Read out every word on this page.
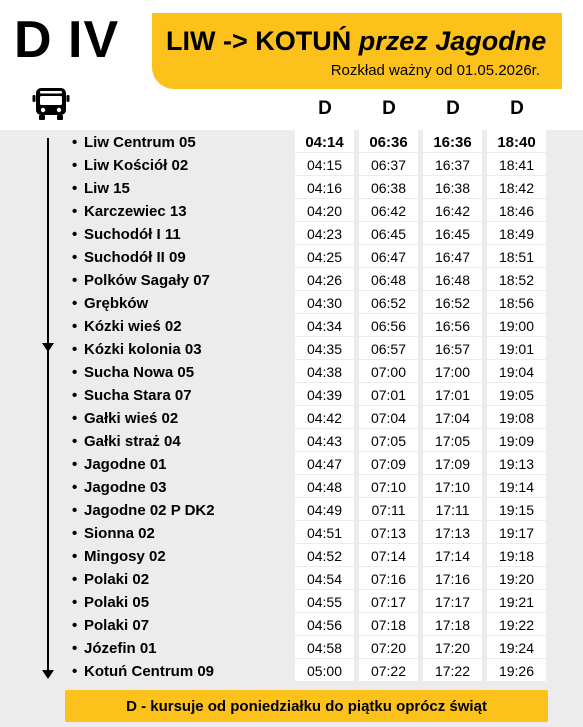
D IV LIW -> KOTUŃ przez Jagodne
Rozkład ważny od 01.05.2026r.
D	D	D	D
• Liw Centrum 05	04:14	06:36	16:36	18:40
• Liw Kościół 02	04:15	06:37	16:37	18:41
• Liw 15	04:16	06:38	16:38	18:42
• Karczewiec 13	04:20	06:42	16:42	18:46
• Suchodół I 11	04:23	06:45	16:45	18:49
• Suchodół II 09	04:25	06:47	16:47	18:51
• Polków Sagały 07	04:26	06:48	16:48	18:52
• Grębków	04:30	06:52	16:52	18:56
• Kózki wieś 02	04:34	06:56	16:56	19:00
• Kózki kolonia 03	04:35	06:57	16:57	19:01
• Sucha Nowa 05	04:38	07:00	17:00	19:04
• Sucha Stara 07	04:39	07:01	17:01	19:05
• Gałki wieś 02	04:42	07:04	17:04	19:08
• Gałki straż 04	04:43	07:05	17:05	19:09
• Jagodne 01	04:47	07:09	17:09	19:13
• Jagodne 03	04:48	07:10	17:10	19:14
• Jagodne 02 P DK2	04:49	07:11	17:11	19:15
• Sionna 02	04:51	07:13	17:13	19:17
• Mingosy 02	04:52	07:14	17:14	19:18
• Polaki 02	04:54	07:16	17:16	19:20
• Polaki 05	04:55	07:17	17:17	19:21
• Polaki 07	04:56	07:18	17:18	19:22
• Józefin 01	04:58	07:20	17:20	19:24
• Kotuń Centrum 09	05:00	07:22	17:22	19:26
D - kursuje od poniedziałku do piątku oprócz świąt
